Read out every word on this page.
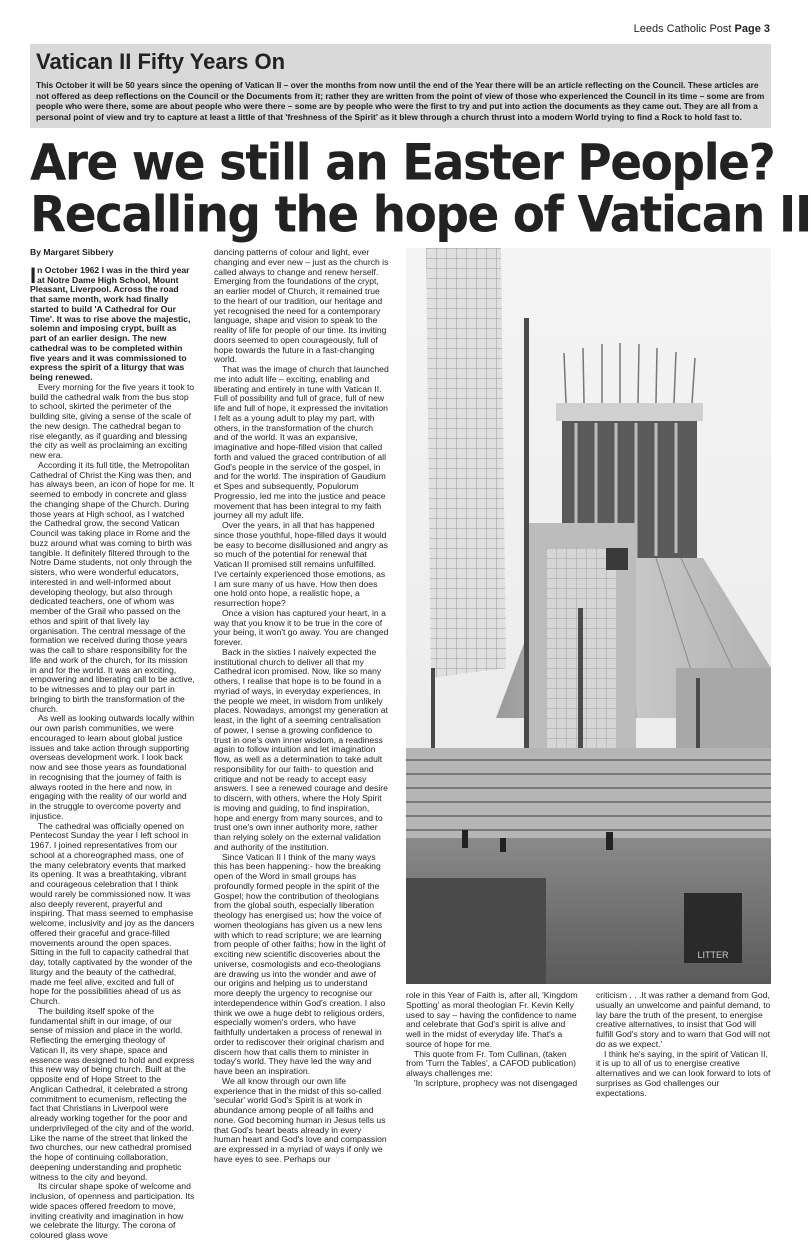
Leeds Catholic Post Page 3
Vatican II Fifty Years On

This October it will be 50 years since the opening of Vatican II – over the months from now until the end of the Year there will be an article reflecting on the Council. These articles are not offered as deep reflections on the Council or the Documents from it; rather they are written from the point of view of those who experienced the Council in its time – some are from people who were there, some are about people who were there – some are by people who were the first to try and put into action the documents as they came out. They are all from a personal point of view and try to capture at least a little of that 'freshness of the Spirit' as it blew through a church thrust into a modern World trying to find a Rock to hold fast to.

Are we still an Easter People?
Recalling the hope of Vatican II
By Margaret Sibbery

In October 1962 I was in the third year at Notre Dame High School, Mount Pleasant, Liverpool. Across the road that same month, work had finally started to build 'A Cathedral for Our Time'. It was to rise above the majestic, solemn and imposing crypt, built as part of an earlier design. The new cathedral was to be completed within five years and it was commissioned to express the spirit of a liturgy that was being renewed.

Every morning for the five years it took to build the cathedral walk from the bus stop to school, skirted the perimeter of the building site, giving a sense of the scale of the new design. The cathedral began to rise elegantly, as if guarding and blessing the city as well as proclaiming an exciting new era.

According it its full title, the Metropolitan Cathedral of Christ the King was then, and has always been, an icon of hope for me. It seemed to embody in concrete and glass the changing shape of the Church. During those years at High school, as I watched the Cathedral grow, the second Vatican Council was taking place in Rome and the buzz around what was coming to birth was tangible. It definitely filtered through to the Notre Dame students, not only through the sisters, who were wonderful educators, interested in and well-informed about developing theology, but also through dedicated teachers, one of whom was member of the Grail who passed on the ethos and spirit of that lively lay organisation. The central message of the formation we received during those years was the call to share responsibility for the life and work of the church, for its mission in and for the world. It was an exciting, empowering and liberating call to be active, to be witnesses and to play our part in bringing to birth the transformation of the church.

As well as looking outwards locally within our own parish communities, we were encouraged to learn about global justice issues and take action through supporting overseas development work. I look back now and see those years as foundational in recognising that the journey of faith is always rooted in the here and now, in engaging with the reality of our world and in the struggle to overcome poverty and injustice.

The cathedral was officially opened on Pentecost Sunday the year I left school in 1967. I joined representatives from our school at a choreographed mass, one of the many celebratory events that marked its opening. It was a breathtaking, vibrant and courageous celebration that I think would rarely be commissioned now. It was also deeply reverent, prayerful and inspiring. That mass seemed to emphasise welcome, inclusivity and joy as the dancers offered their graceful and grace-filled movements around the open spaces. Sitting in the full to capacity cathedral that day, totally captivated by the wonder of the liturgy and the beauty of the cathedral, made me feel alive, excited and full of hope for the possibilities ahead of us as Church.

The building itself spoke of the fundamental shift in our image, of our sense of mission and place in the world. Reflecting the emerging theology of Vatican II, its very shape, space and essence was designed to hold and express this new way of being church. Built at the opposite end of Hope Street to the Anglican Cathedral, it celebrated a strong commitment to ecumenism, reflecting the fact that Christians in Liverpool were already working together for the poor and underprivileged of the city and of the world. Like the name of the street that linked the two churches, our new cathedral promised the hope of continuing collaboration, deepening understanding and prophetic witness to the city and beyond.

Its circular shape spoke of welcome and inclusion, of openness and participation. Its wide spaces offered freedom to move, inviting creativity and imagination in how we celebrate the liturgy. The corona of coloured glass wove

dancing patterns of colour and light, ever changing and ever new – just as the church is called always to change and renew herself. Emerging from the foundations of the crypt, an earlier model of Church, it remained true to the heart of our tradition, our heritage and yet recognised the need for a contemporary language, shape and vision to speak to the reality of life for people of our time. Its inviting doors seemed to open courageously, full of hope towards the future in a fast-changing world.

That was the image of church that launched me into adult life – exciting, enabling and liberating and entirely in tune with Vatican II. Full of possibility and full of grace, full of new life and full of hope, it expressed the invitation I felt as a young adult to play my part, with others, in the transformation of the church and of the world. It was an expansive, imaginative and hope-filled vision that called forth and valued the graced contribution of all God's people in the service of the gospel, in and for the world. The inspiration of Gaudium et Spes and subsequently, Populorum Progressio, led me into the justice and peace movement that has been integral to my faith journey all my adult life.

Over the years, in all that has happened since those youthful, hope-filled days it would be easy to become disillusioned and angry as so much of the potential for renewal that Vatican II promised still remains unfulfilled. I've certainly experienced those emotions, as I am sure many of us have. How then does one hold onto hope, a realistic hope, a resurrection hope?

Once a vision has captured your heart, in a way that you know it to be true in the core of your being, it won't go away. You are changed forever.

Back in the sixties I naively expected the institutional church to deliver all that my Cathedral icon promised. Now, like so many others, I realise that hope is to be found in a myriad of ways, in everyday experiences, in the people we meet, in wisdom from unlikely places. Nowadays, amongst my generation at least, in the light of a seeming centralisation of power, I sense a growing confidence to trust in one's own inner wisdom, a readiness again to follow intuition and let imagination flow, as well as a determination to take adult responsibility for our faith- to question and critique and not be ready to accept easy answers. I see a renewed courage and desire to discern, with others, where the Holy Spirit is moving and guiding, to find inspiration, hope and energy from many sources, and to trust one's own inner authority more, rather than relying solely on the external validation and authority of the institution.

Since Vatican II I think of the many ways this has been happening:- how the breaking open of the Word in small groups has profoundly formed people in the spirit of the Gospel; how the contribution of theologians from the global south, especially liberation theology has energised us; how the voice of women theologians has given us a new lens with which to read scripture; we are learning from people of other faiths; how in the light of exciting new scientific discoveries about the universe, cosmologists and eco-theologians are drawing us into the wonder and awe of our origins and helping us to understand more deeply the urgency to recognise our interdependence within God's creation. I also think we owe a huge debt to religious orders, especially women's orders, who have faithfully undertaken a process of renewal in order to rediscover their original charism and discern how that calls them to minister in today's world. They have led the way and have been an inspiration.

We all know through our own life experience that in the midst of this so-called 'secular' world God's Spirit is at work in abundance among people of all faiths and none. God becoming human in Jesus tells us that God's heart beats already in every human heart and God's love and compassion are expressed in a myriad of ways if only we have eyes to see. Perhaps our

LITTER

role in this Year of Faith is, after all, 'Kingdom Spotting' as moral theologian Fr. Kevin Kelly used to say – having the confidence to name and celebrate that God's spirit is alive and well in the midst of everyday life. That's a source of hope for me.

This quote from Fr. Tom Cullinan, (taken from 'Turn the Tables', a CAFOD publication) always challenges me:

'In scripture, prophecy was not disengaged

criticism . . .It was rather a demand from God, usually an unwelcome and painful demand, to lay bare the truth of the present, to energise creative alternatives, to insist that God will fulfill God's story and to warn that God will not do as we expect.'

I think he's saying, in the spirit of Vatican II, it is up to all of us to energise creative alternatives and we can look forward to lots of surprises as God challenges our expectations.
